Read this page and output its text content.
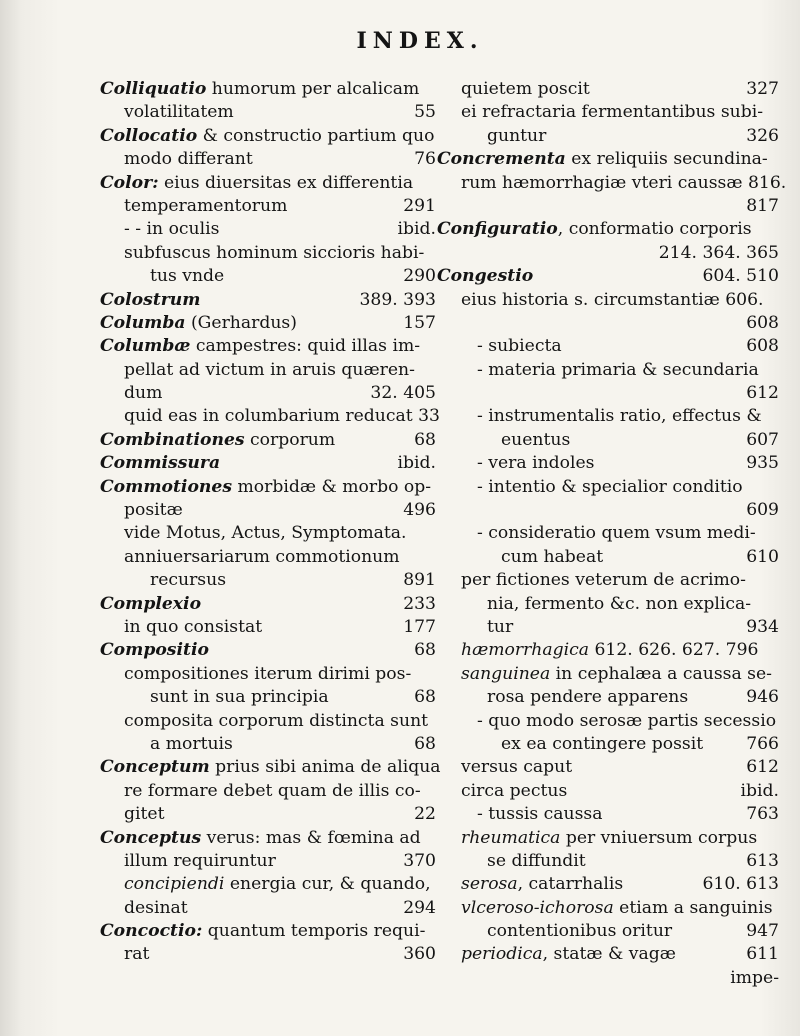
INDEX.
Colliquatio humorum per alcalicam
volatilitatem	55
Collocatio & constructio partium quo
modo differant	76
Color: eius diuersitas ex differentia
temperamentorum	291
- - in oculis	ibid.
subfuscus hominum siccioris habi-
tus vnde	290
Colostrum	389. 393
Columba (Gerhardus)	157
Columbæ campestres: quid illas im-
pellat ad victum in aruis quæren-
dum	32. 405
quid eas in columbarium reducat 33
Combinationes corporum	68
Commissura	ibid.
Commotiones morbidæ & morbo op-
positæ	496
vide Motus, Actus, Symptomata.
anniuersariarum commotionum
recursus	891
Complexio	233
in quo consistat	177
Compositio	68
compositiones iterum dirimi pos-
sunt in sua principia	68
composita corporum distincta sunt
a mortuis	68
Conceptum prius sibi anima de aliqua
re formare debet quam de illis co-
gitet	22
Conceptus verus: mas & fœmina ad
illum requiruntur	370
concipiendi energia cur, & quando,
desinat	294
Concoctio: quantum temporis requi-
rat	360
quietem poscit	327
ei refractaria fermentantibus subi-
guntur	326
Concrementa ex reliquiis secundina-
rum hæmorrhagiæ vteri caussæ 816.
817
Configuratio, conformatio corporis
214. 364. 365
Congestio	604. 510
eius historia s. circumstantiæ 606.
608
- subiecta	608
- materia primaria & secundaria
612
- instrumentalis ratio, effectus &
euentus	607
- vera indoles	935
- intentio & specialior conditio
609
- consideratio quem vsum medi-
cum habeat	610
per fictiones veterum de acrimo-
nia, fermento &c. non explica-
tur	934
hæmorrhagica 612. 626. 627. 796
sanguinea in cephalæa a caussa se-
rosa pendere apparens	946
- quo modo serosæ partis secessio
ex ea contingere possit	766
versus caput	612
circa pectus	ibid.
- tussis caussa	763
rheumatica per vniuersum corpus
se diffundit	613
serosa, catarrhalis	610. 613
vlceroso-ichorosa etiam a sanguinis
contentionibus oritur	947
periodica, statæ & vagæ	611
impe-
